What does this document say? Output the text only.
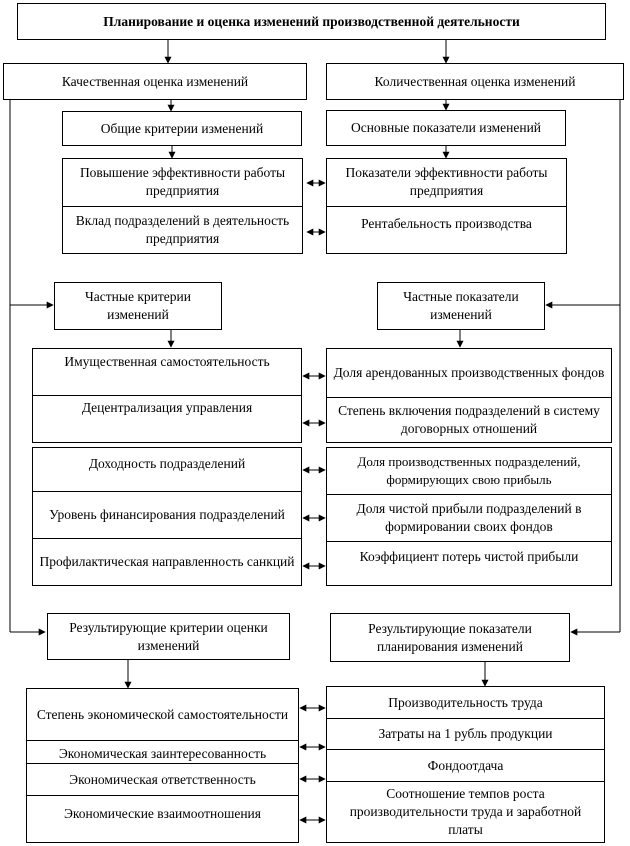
Планирование и оценка изменений производственной деятельности
Качественная оценка изменений	Количественная оценка изменений
Общие критерии изменений	Основные показатели изменений
Повышение эффективности работы предприятия
Вклад подразделений в деятельность предприятия
Показатели эффективности работы предприятия
Рентабельность производства
Частные критерии изменений
Частные показатели изменений
Имущественная самостоятельность
Децентрализация управления
Доля арендованных производственных фондов
Степень включения подразделений в систему договорных отношений
Доходность подразделений
Уровень финансирования подразделений
Профилактическая направленность санкций
Доля производственных подразделений, формирующих свою прибыль
Доля чистой прибыли подразделений в формировании своих фондов
Коэффициент потерь чистой прибыли
Результирующие критерии оценки изменений
Результирующие показатели планирования изменений
Степень экономической самостоятельности
Экономическая заинтересованность
Экономическая ответственность
Экономические взаимоотношения
Производительность труда
Затраты на 1 рубль продукции
Фондоотдача
Соотношение темпов роста производительности труда и заработной платы
